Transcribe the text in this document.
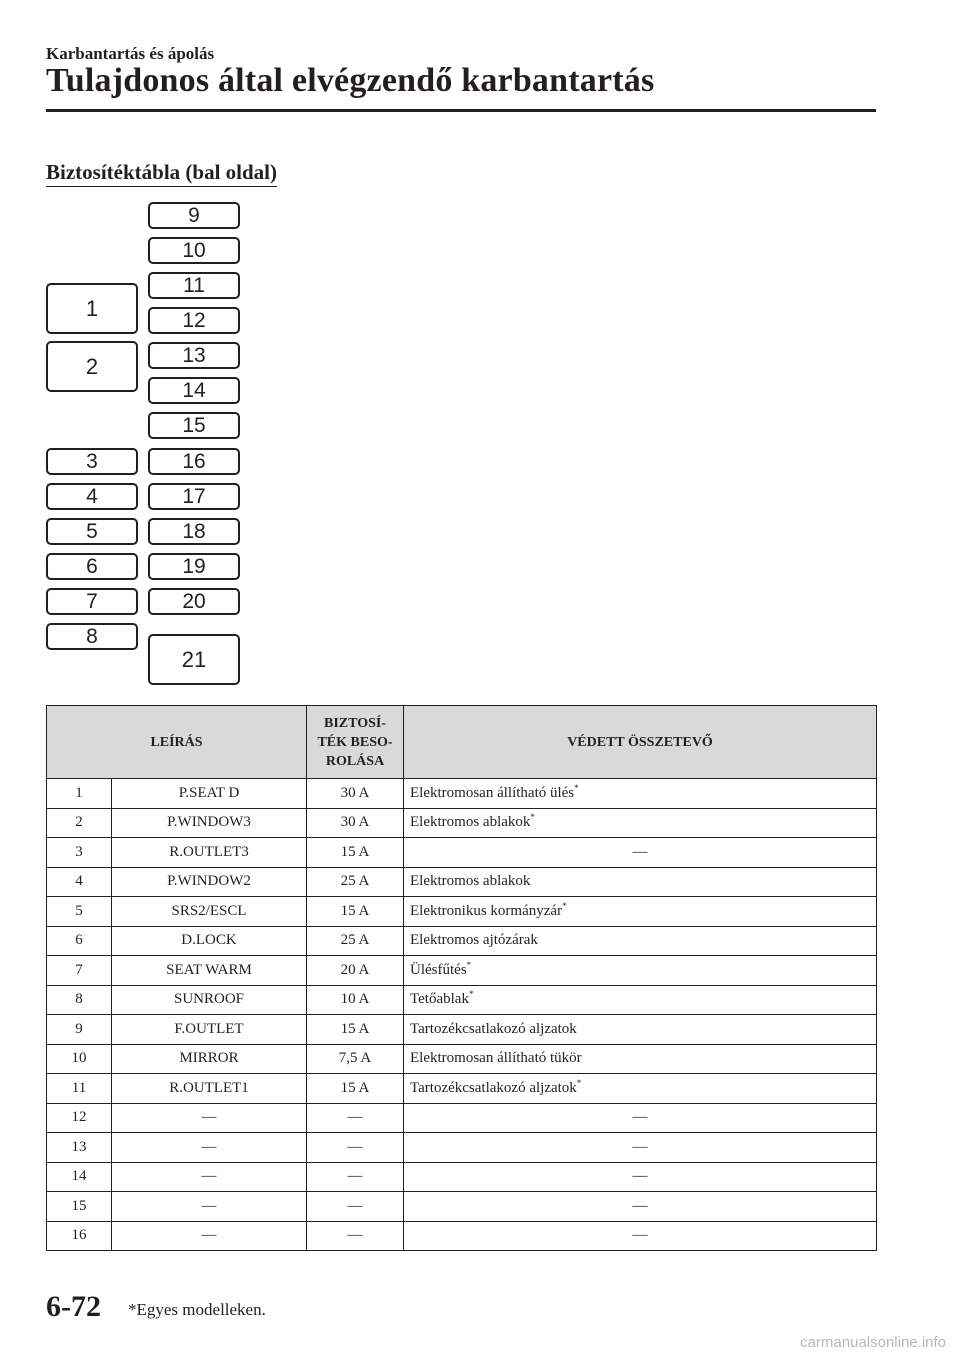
Karbantartás és ápolás
Tulajdonos által elvégzendő karbantartás
Biztosítéktábla (bal oldal)
1
2
3
4
5
6
7
8
9
10
11
12
13
14
15
16
17
18
19
20
21
LEÍRÁS		BIZTOSÍ-
TÉK BESO-
ROLÁSA	VÉDETT ÖSSZETEVŐ
1	P.SEAT D	30 A	Elektromosan állítható ülés*
2	P.WINDOW3	30 A	Elektromos ablakok*
3	R.OUTLET3	15 A	―
4	P.WINDOW2	25 A	Elektromos ablakok
5	SRS2/ESCL	15 A	Elektronikus kormányzár*
6	D.LOCK	25 A	Elektromos ajtózárak
7	SEAT WARM	20 A	Ülésfűtés*
8	SUNROOF	10 A	Tetőablak*
9	F.OUTLET	15 A	Tartozékcsatlakozó aljzatok
10	MIRROR	7,5 A	Elektromosan állítható tükör
11	R.OUTLET1	15 A	Tartozékcsatlakozó aljzatok*
12	―	―	―
13	―	―	―
14	―	―	―
15	―	―	―
16	―	―	―
6-72 *Egyes modelleken.
carmanualsonline.info
